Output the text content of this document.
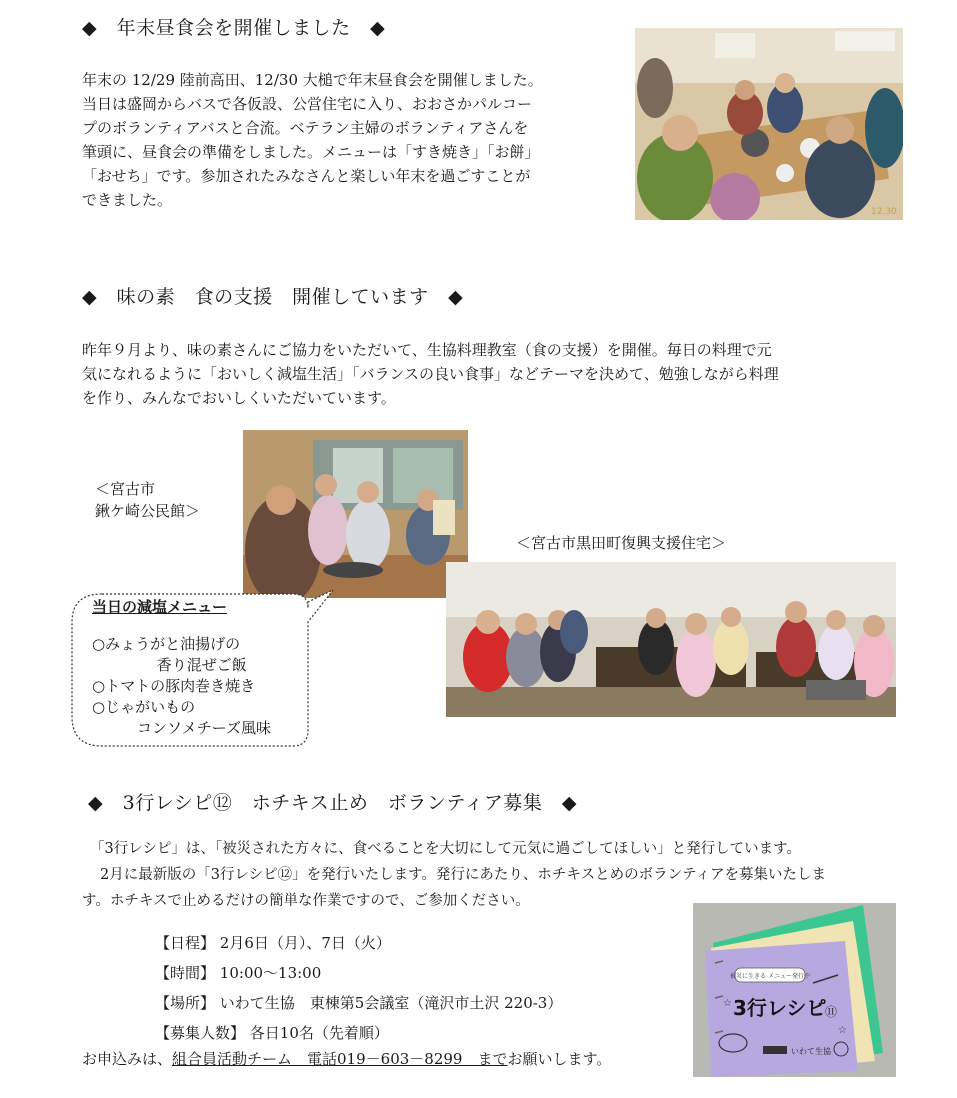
◆　年末昼食会を開催しました　◆

年末の 12/29 陸前高田、12/30 大槌で年末昼食会を開催しました。

当日は盛岡からバスで各仮設、公営住宅に入り、おおさかパルコー

プのボランティアバスと合流。ベテラン主婦のボランティアさんを

筆頭に、昼食会の準備をしました。メニューは「すき焼き」「お餅」

「おせち」です。参加されたみなさんと楽しい年末を過ごすことが

できました。

12.30
◆　味の素　食の支援　開催しています　◆

昨年９月より、味の素さんにご協力をいただいて、生協料理教室（食の支援）を開催。毎日の料理で元

気になれるように「おいしく減塩生活」「バランスの良い食事」などテーマを決めて、勉強しながら料理

を作り、みんなでおいしくいただいています。

＜宮古市
鍬ケ崎公民館＞
＜宮古市黒田町復興支援住宅＞
当日の減塩メニュー
○みょうがと油揚げの
　　　　 香り混ぜご飯
○トマトの豚肉巻き焼き
○じゃがいもの
　　　コンソメチーズ風味
◆　3行レシピ⑫　ホチキス止め　ボランティア募集　◆

「3行レシピ」は、「被災された方々に、食べることを大切にして元気に過ごしてほしい」と発行しています。

2月に最新版の「3行レシピ⑫」を発行いたします。発行にあたり、ホチキスとめのボランティアを募集いたしま

す。ホチキスで止めるだけの簡単な作業ですので、ご参加ください。

【日程】 2月6日（月）、7日（火）
【時間】 10:00～13:00
【場所】 いわて生協　東棟第5会議室（滝沢市土沢 220-3）
【募集人数】 各日10名（先着順）
お申込みは、組合員活動チーム　電話019－603－8299　までお願いします。
被災に生きる メニュー発行中
3行レシピ
⑪
☆
☆
いわて生協
